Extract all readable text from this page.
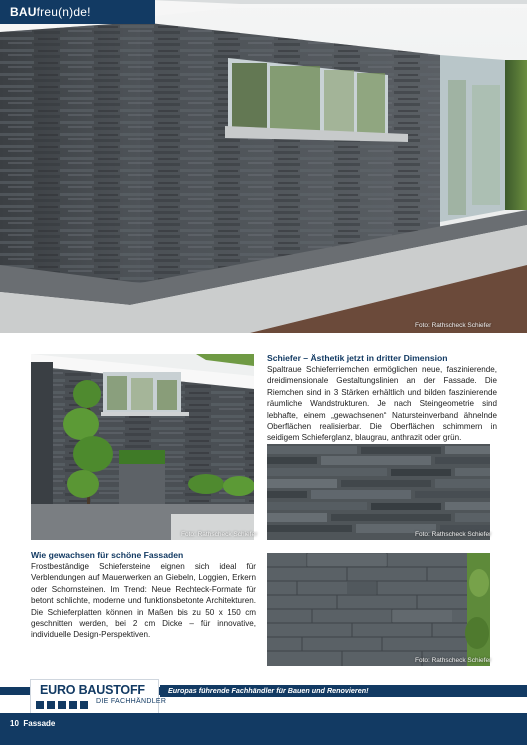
Foto: Rathscheck Schiefer
BAUfreu(n)de!
Foto: Rathscheck Schiefer
Schiefer – Ästhetik jetzt in dritter Dimension
Spaltraue Schieferriemchen ermöglichen neue, faszinierende, dreidimensionale Gestaltungslinien an der Fassade. Die Riemchen sind in 3 Stärken erhältlich und bilden faszinierende räumliche Wandstrukturen. Je nach Steingeometrie sind lebhafte, einem „gewachsenen“ Natursteinverband ähnelnde Oberflächen realisierbar. Die Oberflächen schimmern in seidigem Schieferglanz, blaugrau, anthrazit oder grün.
Foto: Rathscheck Schiefer
Wie gewachsen für schöne Fassaden
Frostbeständige Schiefersteine eignen sich ideal für Verblendungen auf Mauerwerken an Giebeln, Loggien, Erkern oder Schornsteinen. Im Trend: Neue Rechteck-Formate für betont schlichte, moderne und funktionsbetonte Architekturen. Die Schieferplatten können in Maßen bis zu 50 x 150 cm geschnitten werden, bei 2 cm Dicke – für innovative, individuelle Design-Perspektiven.
Foto: Rathscheck Schiefer
Europas führende Fachhändler für Bauen und Renovieren!
EURO BAUSTOFF
DIE FACHHÄNDLER
10 Fassade
